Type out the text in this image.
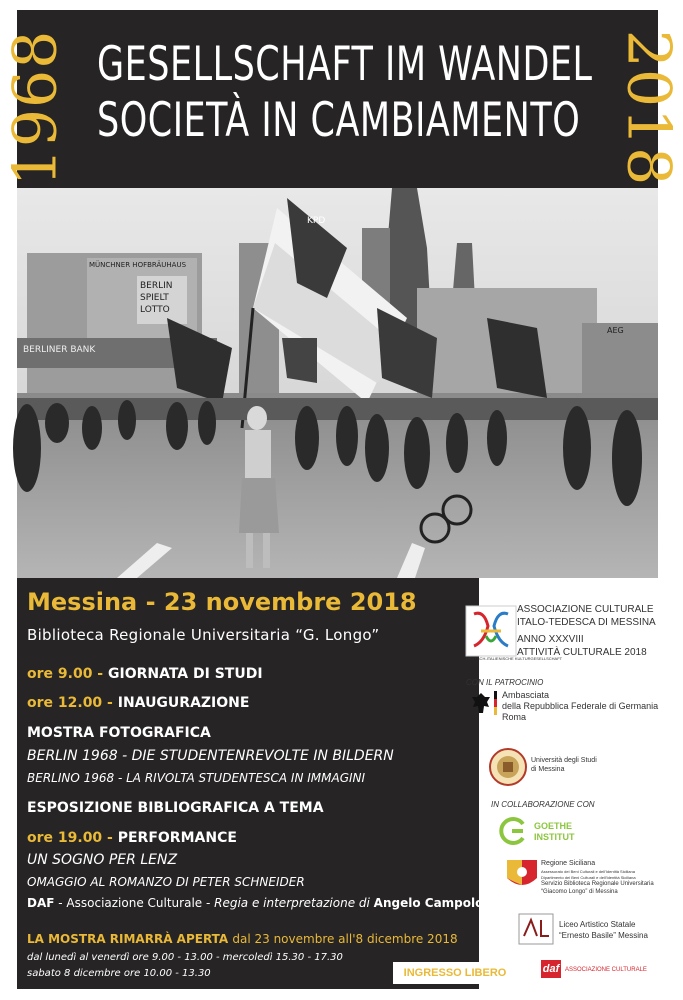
1968 GESELLSCHAFT IM WANDEL
SOCIETÀ IN CAMBIAMENTO 2018
MÜNCHNER HOFBRÄUHAUS
BERLIN
SPIELT
LOTTO
BERLINER BANK
AEG
KPD
Messina - 23 novembre 2018
Biblioteca Regionale Universitaria “G. Longo”
ore 9.00 - GIORNATA DI STUDI
ore 12.00 - INAUGURAZIONE
MOSTRA FOTOGRAFICA
BERLIN 1968 - DIE STUDENTENREVOLTE IN BILDERN
BERLINO 1968 - LA RIVOLTA STUDENTESCA IN IMMAGINI
ESPOSIZIONE BIBLIOGRAFICA A TEMA
ore 19.00 - PERFORMANCE
UN SOGNO PER LENZ
OMAGGIO AL ROMANZO DI PETER SCHNEIDER
DAF - Associazione Culturale - Regia e interpretazione di Angelo Campolo
LA MOSTRA RIMARRÀ APERTA dal 23 novembre all'8 dicembre 2018
dal lunedì al venerdì ore 9.00 - 13.00 - mercoledì 15.30 - 17.30
sabato 8 dicembre ore 10.00 - 13.30	INGRESSO LIBERO
DEUTSCH-ITALIENISCHE KULTURGESELLSCHAFT
ASSOCIAZIONE CULTURALE
ITALO-TEDESCA DI MESSINA
ANNO XXXVIII
ATTIVITÀ CULTURALE 2018
CON IL PATROCINIO
Ambasciata
della Repubblica Federale di Germania
Roma
Università degli Studi
di Messina
IN COLLABORAZIONE CON
GOETHE
INSTITUT
Regione Siciliana
Assessorato dei Beni Culturali e dell'Identità Siciliana
Dipartimento dei Beni Culturali e dell'Identità Siciliana
Servizio Biblioteca Regionale Universitaria
“Giacomo Longo” di Messina
Liceo Artistico Statale
“Ernesto Basile” Messina
daf ASSOCIAZIONE CULTURALE
